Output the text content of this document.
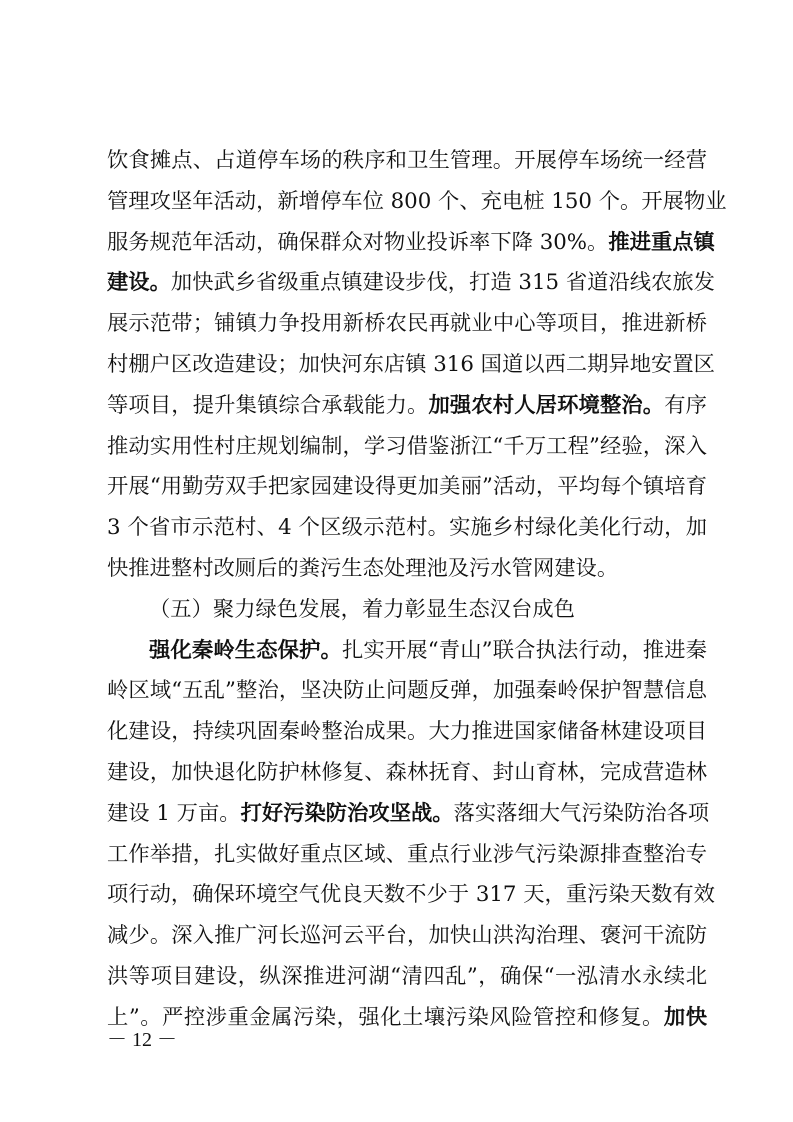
饮食摊点、占道停车场的秩序和卫生管理。开展停车场统一经营
管理攻坚年活动，新增停车位 800 个、充电桩 150 个。开展物业
服务规范年活动，确保群众对物业投诉率下降 30%。推进重点镇
建设。加快武乡省级重点镇建设步伐，打造 315 省道沿线农旅发
展示范带；铺镇力争投用新桥农民再就业中心等项目，推进新桥
村棚户区改造建设；加快河东店镇 316 国道以西二期异地安置区
等项目，提升集镇综合承载能力。加强农村人居环境整治。有序
推动实用性村庄规划编制，学习借鉴浙江“千万工程”经验，深入
开展“用勤劳双手把家园建设得更加美丽”活动，平均每个镇培育
3 个省市示范村、4 个区级示范村。实施乡村绿化美化行动，加
快推进整村改厕后的粪污生态处理池及污水管网建设。
（五）聚力绿色发展，着力彰显生态汉台成色
强化秦岭生态保护。扎实开展“青山”联合执法行动，推进秦
岭区域“五乱”整治，坚决防止问题反弹，加强秦岭保护智慧信息
化建设，持续巩固秦岭整治成果。大力推进国家储备林建设项目
建设，加快退化防护林修复、森林抚育、封山育林，完成营造林
建设 1 万亩。打好污染防治攻坚战。落实落细大气污染防治各项
工作举措，扎实做好重点区域、重点行业涉气污染源排查整治专
项行动，确保环境空气优良天数不少于 317 天，重污染天数有效
减少。深入推广河长巡河云平台，加快山洪沟治理、褒河干流防
洪等项目建设，纵深推进河湖“清四乱”，确保“一泓清水永续北
上”。严控涉重金属污染，强化土壤污染风险管控和修复。加快
－ 12 －
